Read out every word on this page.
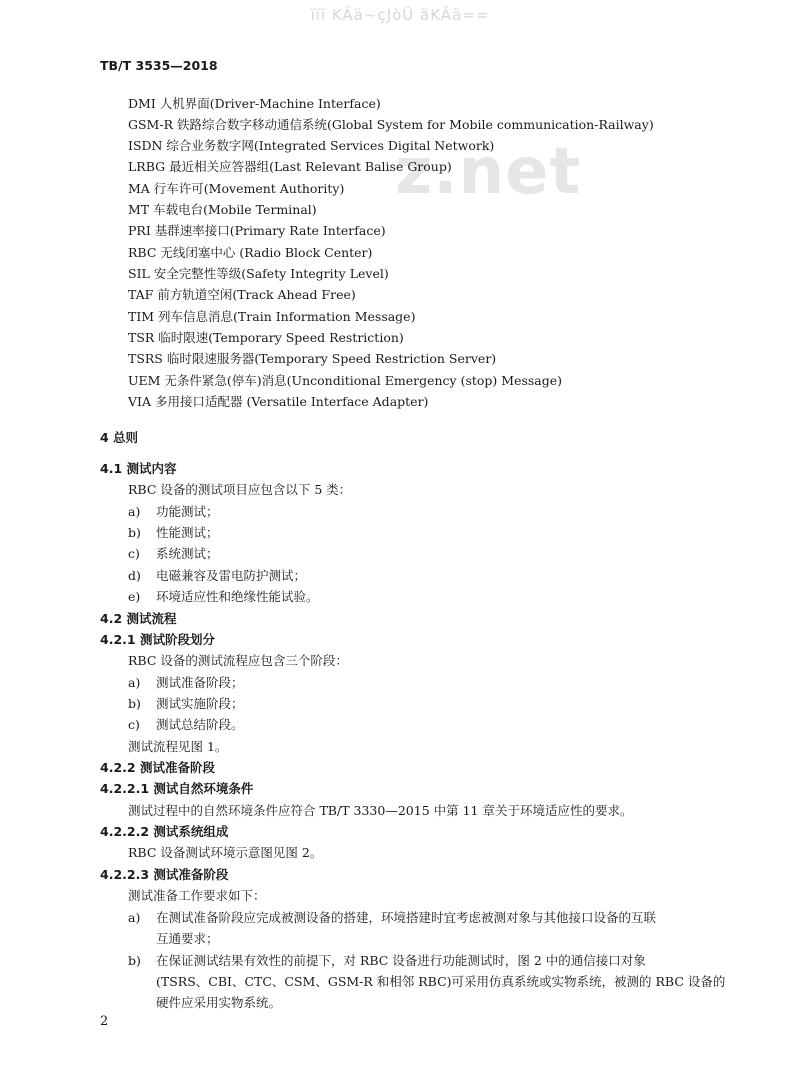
ïïï KÄä~çJòÜ äKÄä==
z.net
TB/T 3535—2018
DMI 人机界面(Driver-Machine Interface)
GSM-R 铁路综合数字移动通信系统(Global System for Mobile communication-Railway)
ISDN 综合业务数字网(Integrated Services Digital Network)
LRBG 最近相关应答器组(Last Relevant Balise Group)
MA 行车许可(Movement Authority)
MT 车载电台(Mobile Terminal)
PRI 基群速率接口(Primary Rate Interface)
RBC 无线闭塞中心 (Radio Block Center)
SIL 安全完整性等级(Safety Integrity Level)
TAF 前方轨道空闲(Track Ahead Free)
TIM 列车信息消息(Train Information Message)
TSR 临时限速(Temporary Speed Restriction)
TSRS 临时限速服务器(Temporary Speed Restriction Server)
UEM 无条件紧急(停车)消息(Unconditional Emergency (stop) Message)
VIA 多用接口适配器 (Versatile Interface Adapter)
4 总则
4.1 测试内容
RBC 设备的测试项目应包含以下 5 类：
a) 功能测试；
b) 性能测试；
c) 系统测试；
d) 电磁兼容及雷电防护测试；
e) 环境适应性和绝缘性能试验。
4.2 测试流程
4.2.1 测试阶段划分
RBC 设备的测试流程应包含三个阶段：
a) 测试准备阶段；
b) 测试实施阶段；
c) 测试总结阶段。
测试流程见图 1。
4.2.2 测试准备阶段
4.2.2.1 测试自然环境条件
测试过程中的自然环境条件应符合 TB/T 3330—2015 中第 11 章关于环境适应性的要求。
4.2.2.2 测试系统组成
RBC 设备测试环境示意图见图 2。
4.2.2.3 测试准备阶段
测试准备工作要求如下：
a) 在测试准备阶段应完成被测设备的搭建，环境搭建时宜考虑被测对象与其他接口设备的互联
互通要求；
b) 在保证测试结果有效性的前提下，对 RBC 设备进行功能测试时，图 2 中的通信接口对象
(TSRS、CBI、CTC、CSM、GSM-R 和相邻 RBC)可采用仿真系统或实物系统，被测的 RBC 设备的
硬件应采用实物系统。
2
